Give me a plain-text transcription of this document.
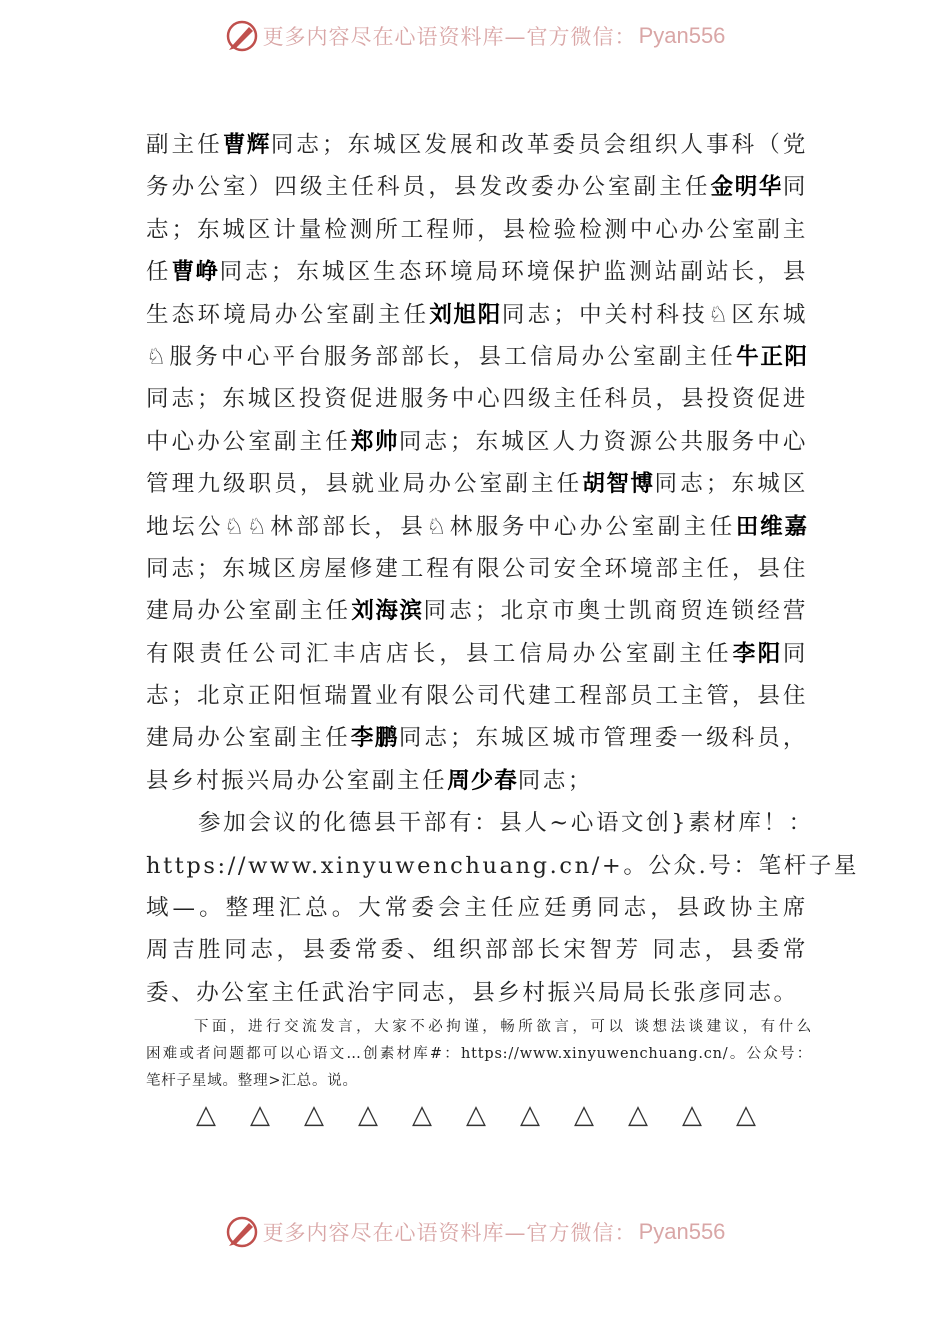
更多内容尽在心语资料库—官方微信： Pyan556
副主任曹辉同志；东城区发展和改革委员会组织人事科（党
务办公室）四级主任科员，县发改委办公室副主任金明华同
志；东城区计量检测所工程师，县检验检测中心办公室副主
任曹峥同志；东城区生态环境局环境保护监测站副站长，县
生态环境局办公室副主任刘旭阳同志；中关村科技♘区东城
♘服务中心平台服务部部长，县工信局办公室副主任牛正阳
同志；东城区投资促进服务中心四级主任科员，县投资促进
中心办公室副主任郑帅同志；东城区人力资源公共服务中心
管理九级职员，县就业局办公室副主任胡智博同志；东城区
地坛公♘♘林部部长，县♘林服务中心办公室副主任田维嘉
同志；东城区房屋修建工程有限公司安全环境部主任，县住
建局办公室副主任刘海滨同志；北京市奥士凯商贸连锁经营
有限责任公司汇丰店店长，县工信局办公室副主任李阳同
志；北京正阳恒瑞置业有限公司代建工程部员工主管，县住
建局办公室副主任李鹏同志；东城区城市管理委一级科员，
县乡村振兴局办公室副主任周少春同志；
参加会议的化德县干部有：县人~心语文创}素材库！：
https://www.xinyuwenchuang.cn/+。公众.号：笔杆子星
域—。整理汇总。大常委会主任应廷勇同志，县政协主席
周吉胜同志，县委常委、组织部部长宋智芳 同志，县委常
委、办公室主任武治宇同志，县乡村振兴局局长张彦同志。
下面，进行交流发言，大家不必拘谨，畅所欲言，可以 谈想法谈建议，有什么
困难或者问题都可以心语文…创素材库#：https://www.xinyuwenchuang.cn/。公众号：
笔杆子星域。整理>汇总。说。
△ △ △ △ △ △ △ △ △ △ △
更多内容尽在心语资料库—官方微信： Pyan556
